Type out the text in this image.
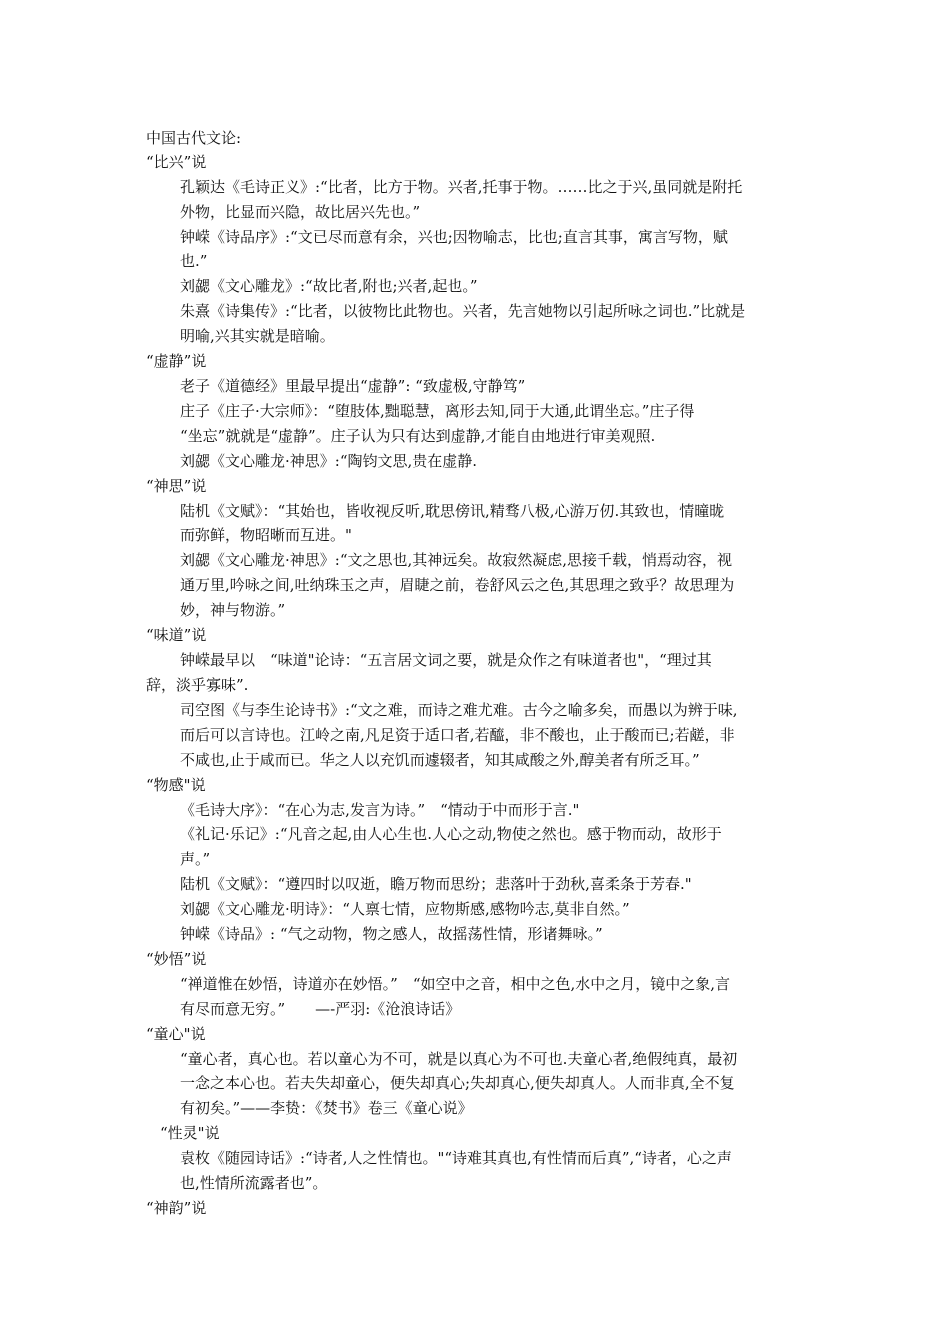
中国古代文论:
“比兴”说
孔颖达《毛诗正义》:“比者，比方于物。兴者,托事于物。……比之于兴,虽同就是附托
外物，比显而兴隐，故比居兴先也。”
钟嵘《诗品序》:“文已尽而意有余，兴也;因物喻志，比也;直言其事，寓言写物，赋
也.”
刘勰《文心雕龙》:“故比者,附也;兴者,起也。”
朱熹《诗集传》:“比者，以彼物比此物也。兴者，先言她物以引起所咏之词也.”比就是
明喻,兴其实就是暗喻。
“虚静”说
老子《道德经》里最早提出“虚静”: “致虚极,守静笃”
庄子《庄子·大宗师》：“堕肢体,黜聪慧，离形去知,同于大通,此谓坐忘。”庄子得
“坐忘”就就是“虚静”。庄子认为只有达到虚静,才能自由地进行审美观照.
刘勰《文心雕龙·神思》:“陶钧文思,贵在虚静.
“神思”说
陆机《文赋》：“其始也，皆收视反听,耽思傍讯,精骛八极,心游万仞.其致也，情曈昽
而弥鲜，物昭晰而互进。"
刘勰《文心雕龙·神思》:“文之思也,其神远矣。故寂然凝虑,思接千载，悄焉动容，视
通万里,吟咏之间,吐纳珠玉之声，眉睫之前，卷舒风云之色,其思理之致乎？故思理为
妙，神与物游。”
“味道”说
钟嵘最早以　“味道"论诗：“五言居文词之要，就是众作之有味道者也"，“理过其
辞，淡乎寡味”.
司空图《与李生论诗书》:“文之难，而诗之难尤难。古今之喻多矣，而愚以为辨于味,
而后可以言诗也。江岭之南,凡足资于适口者,若醯，非不酸也，止于酸而已;若鹾，非
不咸也,止于咸而已。华之人以充饥而遽辍者，知其咸酸之外,醇美者有所乏耳。”
“物感"说
《毛诗大序》：“在心为志,发言为诗。”　“情动于中而形于言."
《礼记·乐记》:“凡音之起,由人心生也.人心之动,物使之然也。感于物而动，故形于
声。”
陆机《文赋》：“遵四时以叹逝，瞻万物而思纷；悲落叶于劲秋,喜柔条于芳春."
刘勰《文心雕龙·明诗》：“人禀七情，应物斯感,感物吟志,莫非自然。”
钟嵘《诗品》: “气之动物，物之感人，故摇荡性情，形诸舞咏。”
“妙悟”说
“禅道惟在妙悟，诗道亦在妙悟。”　“如空中之音，相中之色,水中之月，镜中之象,言
有尽而意无穷。”　　—-严羽:《沧浪诗话》
“童心"说
“童心者，真心也。若以童心为不可，就是以真心为不可也.夫童心者,绝假纯真，最初
一念之本心也。若夫失却童心，便失却真心;失却真心,便失却真人。人而非真,全不复
有初矣。”——李贽：《焚书》卷三《童心说》
“性灵"说
袁枚《随园诗话》:“诗者,人之性情也。"“诗难其真也,有性情而后真”,“诗者，心之声
也,性情所流露者也”。
“神韵”说
